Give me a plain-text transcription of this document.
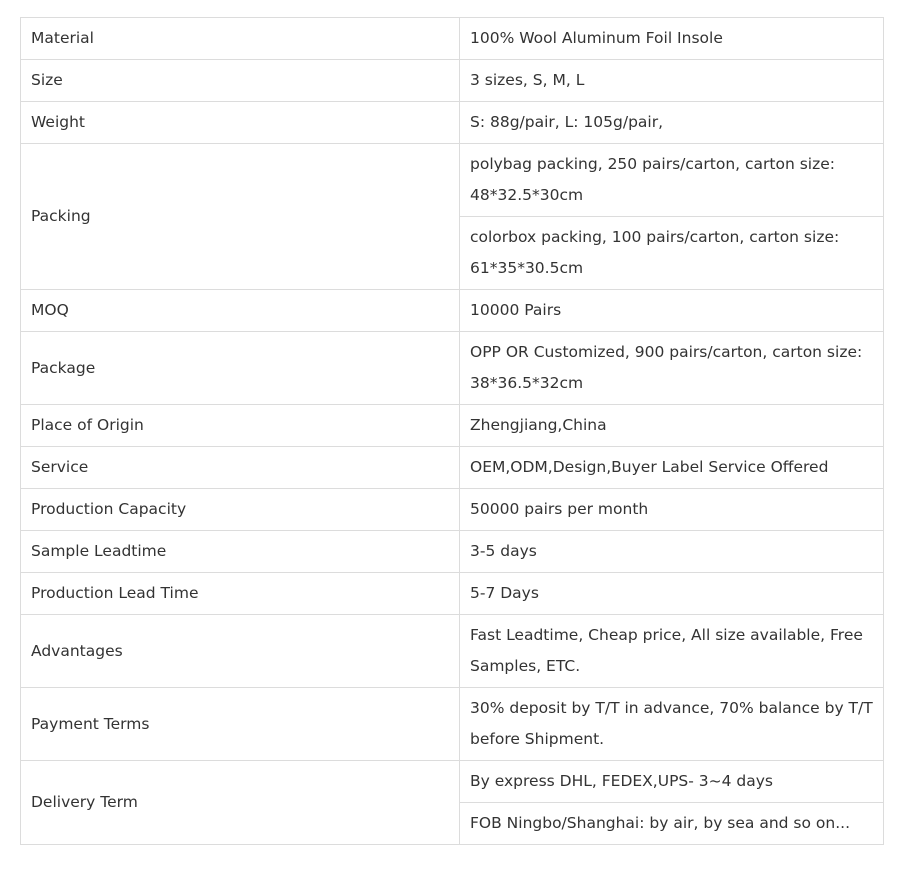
Material	100% Wool Aluminum Foil Insole
Size	3 sizes, S, M, L
Weight	S: 88g/pair, L: 105g/pair,
Packing	polybag packing, 250 pairs/carton, carton size: 48*32.5*30cm
	colorbox packing, 100 pairs/carton, carton size: 61*35*30.5cm
MOQ	10000 Pairs
Package	OPP OR Customized, 900 pairs/carton, carton size: 38*36.5*32cm
Place of Origin	Zhengjiang,China
Service	OEM,ODM,Design,Buyer Label Service Offered
Production Capacity	50000 pairs per month
Sample Leadtime	3-5 days
Production Lead Time	5-7 Days
Advantages	Fast Leadtime, Cheap price, All size available, Free Samples, ETC.
Payment Terms	30% deposit by T/T in advance, 70% balance by T/T before Shipment.
Delivery Term	By express DHL, FEDEX,UPS- 3~4 days
	FOB Ningbo/Shanghai: by air, by sea and so on...
